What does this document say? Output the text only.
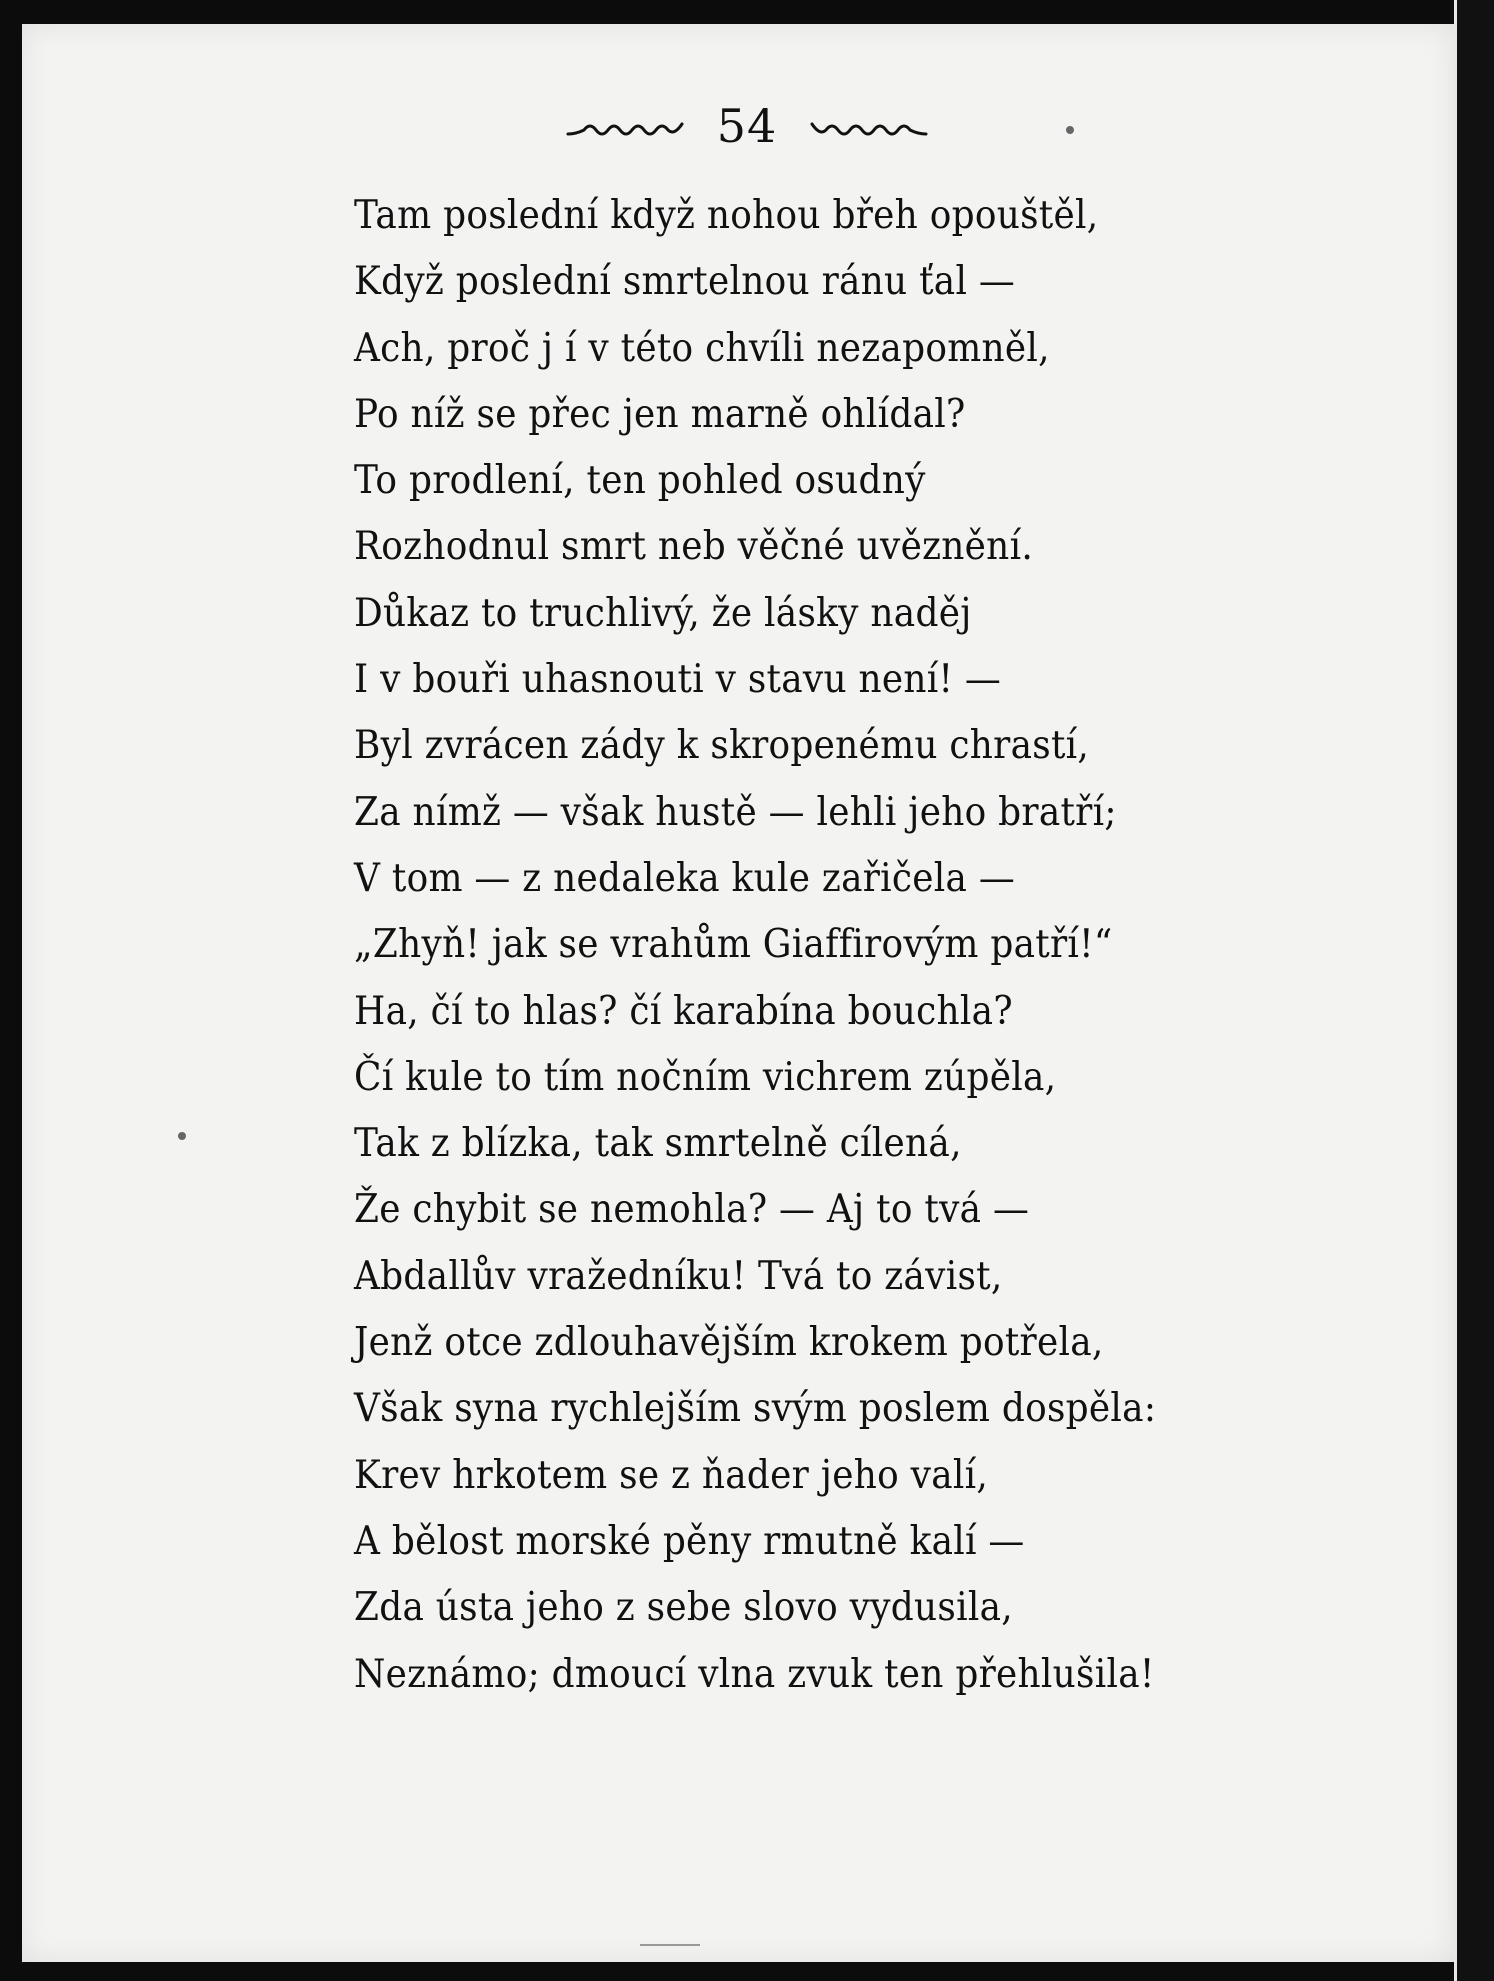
54
Tam poslední když nohou břeh opouštěl,
Když poslední smrtelnou ránu ťal —
Ach, proč j í v této chvíli nezapomněl,
Po níž se přec jen marně ohlídal?
To prodlení, ten pohled osudný
Rozhodnul smrt neb věčné uvěznění.
Důkaz to truchlivý, že lásky naděj
I v bouři uhasnouti v stavu není! —
Byl zvrácen zády k skropenému chrastí,
Za nímž — však hustě — lehli jeho bratří;
V tom — z nedaleka kule zařičela —
„Zhyň! jak se vrahům Giaffirovým patří!“
Ha, čí to hlas? čí karabína bouchla?
Čí kule to tím nočním vichrem zúpěla,
Tak z blízka, tak smrtelně cílená,
Že chybit se nemohla? — Aj to tvá —
Abdallův vražedníku! Tvá to závist,
Jenž otce zdlouhavějším krokem potřela,
Však syna rychlejším svým poslem dospěla:
Krev hrkotem se z ňader jeho valí,
A bělost morské pěny rmutně kalí —
Zda ústa jeho z sebe slovo vydusila,
Neznámo; dmoucí vlna zvuk ten přehlušila!
